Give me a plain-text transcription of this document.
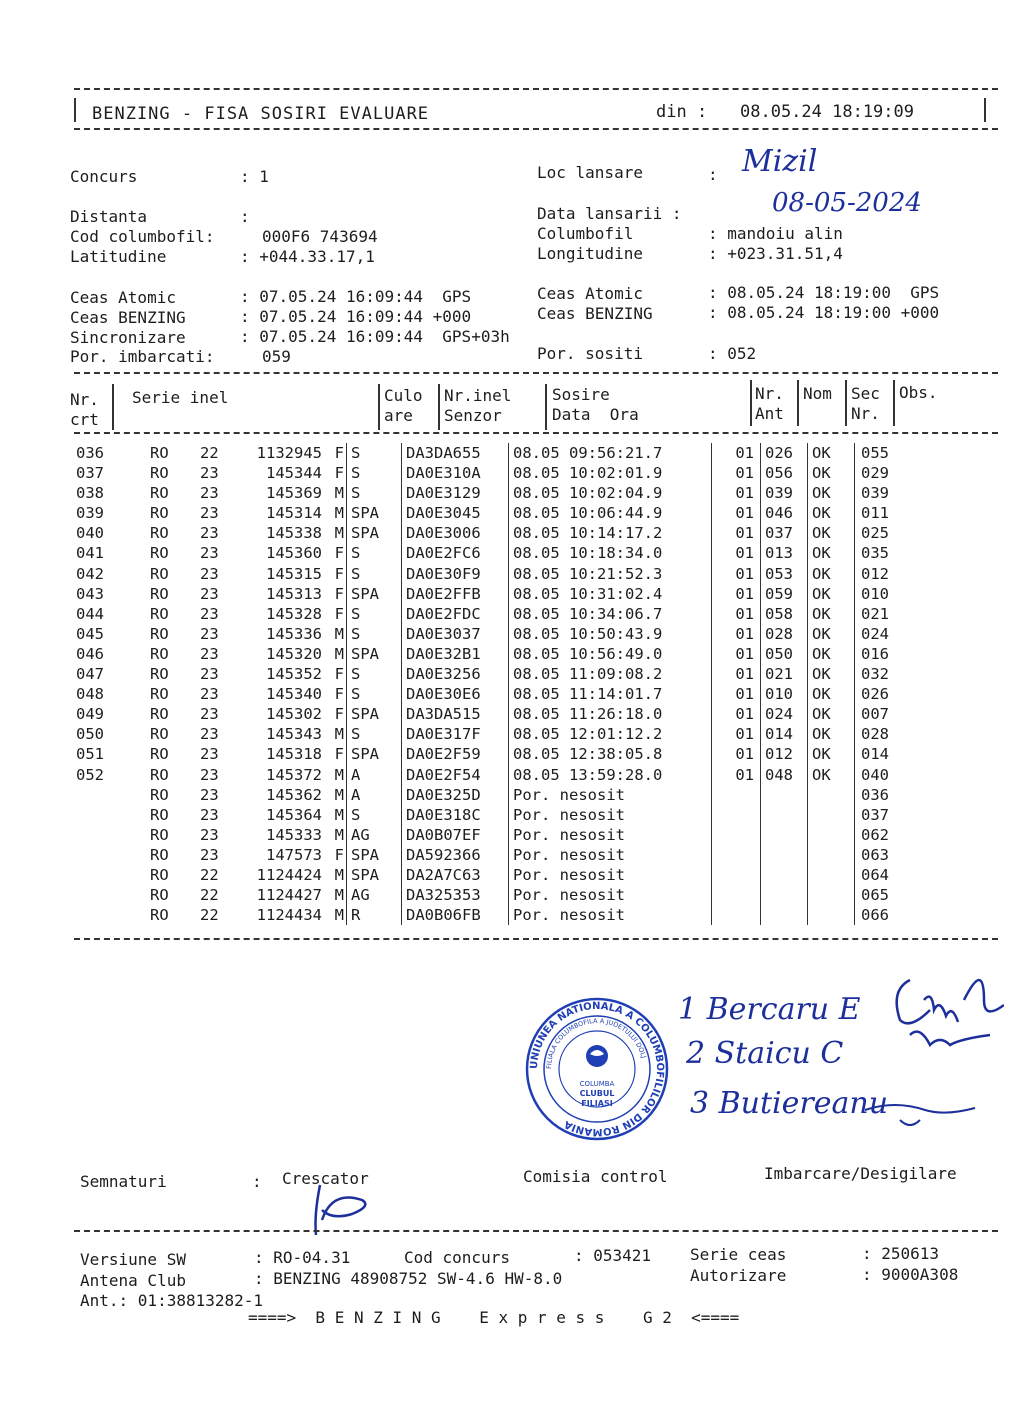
BENZING - FISA SOSIRI EVALUARE	din : 08.05.24 18:19:09
Concurs	: 1	Loc lansare	: Mizil
Distanta	:	Data lansarii :	08-05-2024
Cod columbofil:	000F6 743694	Columbofil	: mandoiu alin
Latitudine	: +044.33.17,1	Longitudine	: +023.31.51,4
Ceas Atomic	: 07.05.24 16:09:44  GPS
Ceas BENZING	: 07.05.24 16:09:44 +000
Sincronizare	: 07.05.24 16:09:44  GPS+03h
Por. imbarcati:	059
Ceas Atomic	: 08.05.24 18:19:00  GPS
Ceas BENZING	: 08.05.24 18:19:00 +000
Por. sositi	: 052
Nr.
crt
Serie inel	Culo
are
Nr.inel
Senzor
Sosire
Data  Ora
Nr.
Ant
Nom Sec
Nr.
Obs.
036	RO	22	1132945	F	S	DA3DA655	08.05 09:56:21.7	01	026	OK	055
037	RO	23	145344	F	S	DA0E310A	08.05 10:02:01.9	01	056	OK	029
038	RO	23	145369	M	S	DA0E3129	08.05 10:02:04.9	01	039	OK	039
039	RO	23	145314	M	SPA	DA0E3045	08.05 10:06:44.9	01	046	OK	011
040	RO	23	145338	M	SPA	DA0E3006	08.05 10:14:17.2	01	037	OK	025
041	RO	23	145360	F	S	DA0E2FC6	08.05 10:18:34.0	01	013	OK	035
042	RO	23	145315	F	S	DA0E30F9	08.05 10:21:52.3	01	053	OK	012
043	RO	23	145313	F	SPA	DA0E2FFB	08.05 10:31:02.4	01	059	OK	010
044	RO	23	145328	F	S	DA0E2FDC	08.05 10:34:06.7	01	058	OK	021
045	RO	23	145336	M	S	DA0E3037	08.05 10:50:43.9	01	028	OK	024
046	RO	23	145320	M	SPA	DA0E32B1	08.05 10:56:49.0	01	050	OK	016
047	RO	23	145352	F	S	DA0E3256	08.05 11:09:08.2	01	021	OK	032
048	RO	23	145340	F	S	DA0E30E6	08.05 11:14:01.7	01	010	OK	026
049	RO	23	145302	F	SPA	DA3DA515	08.05 11:26:18.0	01	024	OK	007
050	RO	23	145343	M	S	DA0E317F	08.05 12:01:12.2	01	014	OK	028
051	RO	23	145318	F	SPA	DA0E2F59	08.05 12:38:05.8	01	012	OK	014
052	RO	23	145372	M	A	DA0E2F54	08.05 13:59:28.0	01	048	OK	040
	RO	23	145362	M	A	DA0E325D	Por. nesosit				036
	RO	23	145364	M	S	DA0E318C	Por. nesosit				037
	RO	23	145333	M	AG	DA0B07EF	Por. nesosit				062
	RO	23	147573	F	SPA	DA592366	Por. nesosit				063
	RO	22	1124424	M	SPA	DA2A7C63	Por. nesosit				064
	RO	22	1124427	M	AG	DA325353	Por. nesosit				065
	RO	22	1124434	M	R	DA0B06FB	Por. nesosit				066
UNIUNEA NATIONALA A COLUMBOFILILOR DIN ROMANIA
FILIALA COLUMBOFILA A JUDETULUI DOLJ
COLUMBA
CLUBUL
FILIASI
1 Bercaru E
2 Staicu C
3 Butiereanu
Semnaturi	: Crescator	Comisia control	Imbarcare/Desigilare
Versiune SW	: RO-04.31	Cod concurs	: 053421 Serie ceas	: 250613
Antena Club	: BENZING 48908752 SW-4.6 HW-8.0	Autorizare	: 9000A308
Ant.: 01:38813282-1
====>  B E N Z I N G    E x p r e s s    G 2  <====
